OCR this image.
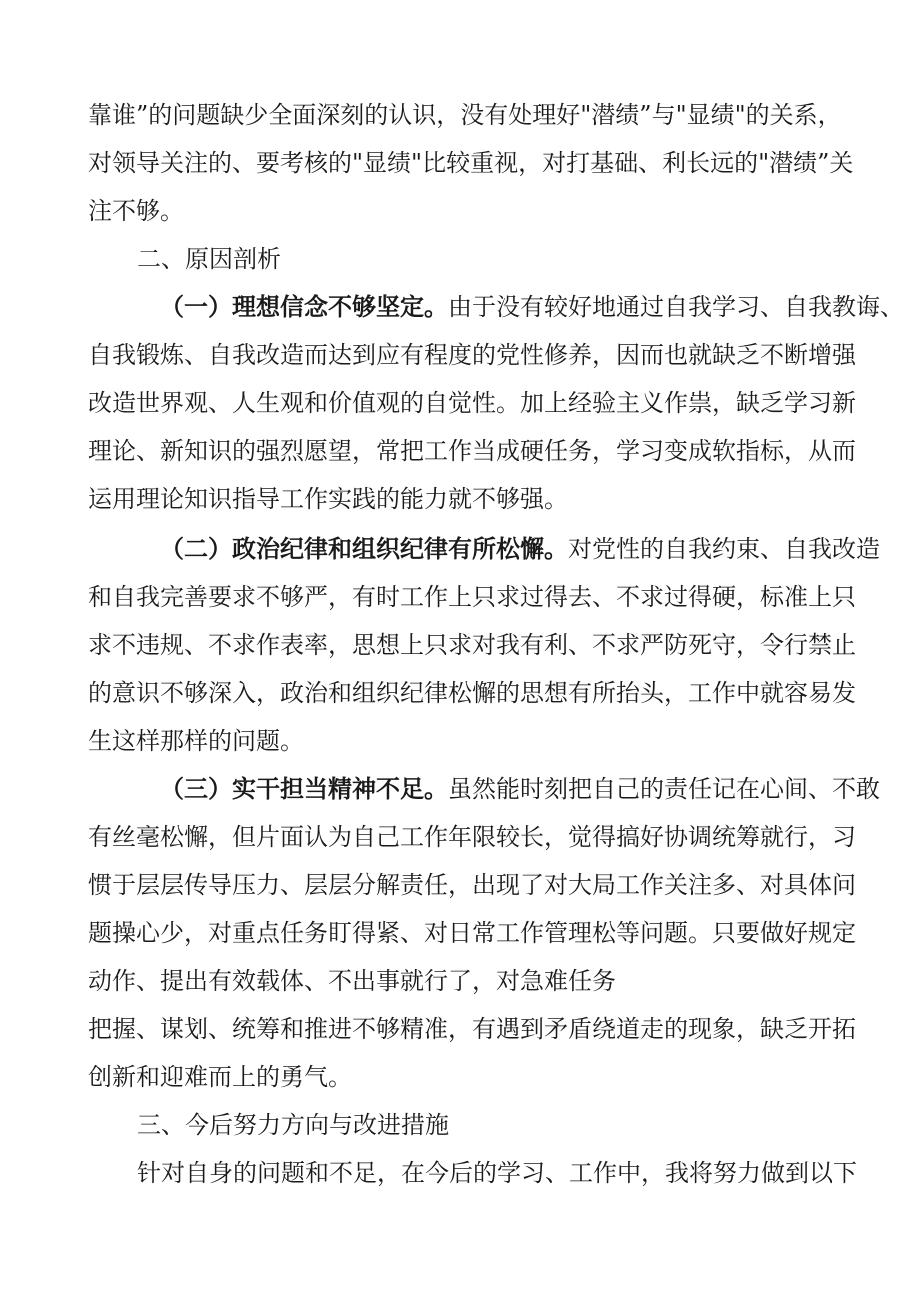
靠谁”的问题缺少全面深刻的认识，没有处理好"潜绩”与"显绩"的关系，
对领导关注的、要考核的"显绩"比较重视，对打基础、利长远的"潜绩”关
注不够。
二、原因剖析
（一）理想信念不够坚定。由于没有较好地通过自我学习、自我教诲、
自我锻炼、自我改造而达到应有程度的党性修养，因而也就缺乏不断增强
改造世界观、人生观和价值观的自觉性。加上经验主义作祟，缺乏学习新
理论、新知识的强烈愿望，常把工作当成硬任务，学习变成软指标，从而
运用理论知识指导工作实践的能力就不够强。
（二）政治纪律和组织纪律有所松懈。对党性的自我约束、自我改造
和自我完善要求不够严，有时工作上只求过得去、不求过得硬，标准上只
求不违规、不求作表率，思想上只求对我有利、不求严防死守，令行禁止
的意识不够深入，政治和组织纪律松懈的思想有所抬头，工作中就容易发
生这样那样的问题。
（三）实干担当精神不足。虽然能时刻把自己的责任记在心间、不敢
有丝毫松懈，但片面认为自己工作年限较长，觉得搞好协调统筹就行，习
惯于层层传导压力、层层分解责任，出现了对大局工作关注多、对具体问
题操心少，对重点任务盯得紧、对日常工作管理松等问题。只要做好规定
动作、提出有效载体、不出事就行了，对急难任务
把握、谋划、统筹和推进不够精准，有遇到矛盾绕道走的现象，缺乏开拓
创新和迎难而上的勇气。
三、今后努力方向与改进措施
针对自身的问题和不足，在今后的学习、工作中，我将努力做到以下
